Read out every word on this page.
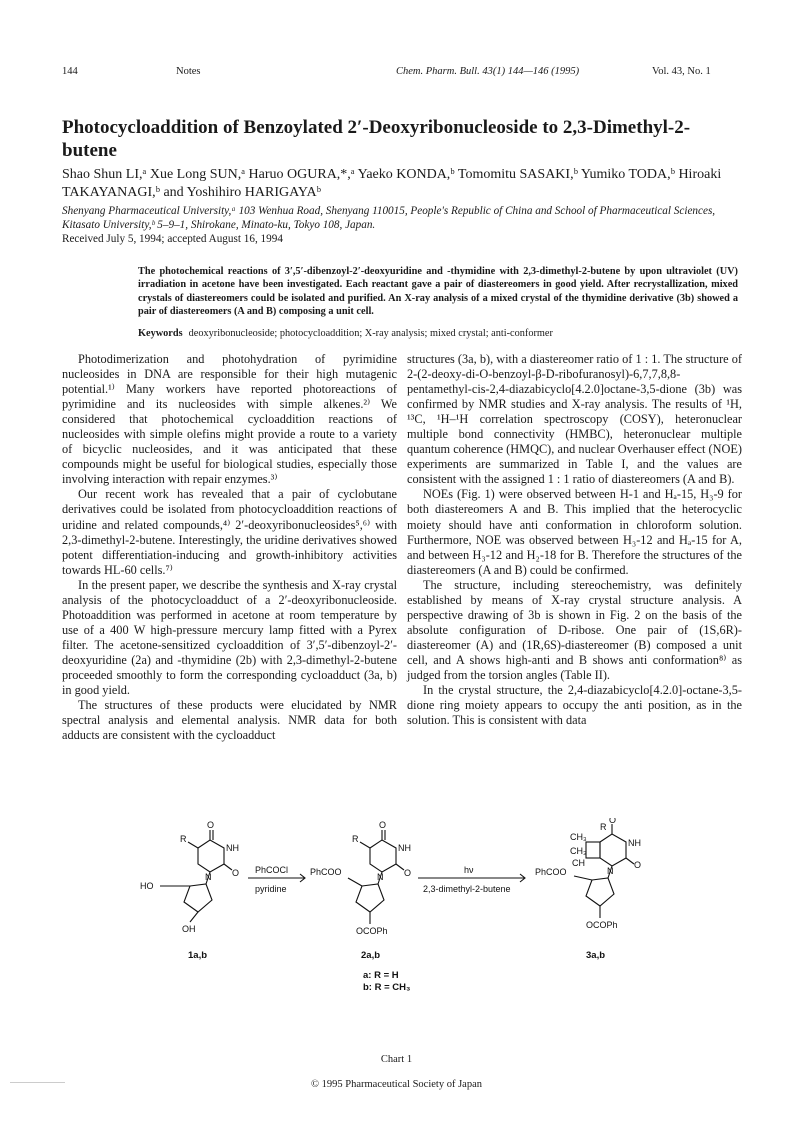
144	Notes	Chem. Pharm. Bull. 43(1) 144—146 (1995)	Vol. 43, No. 1
Photocycloaddition of Benzoylated 2′-Deoxyribonucleoside to 2,3-Dimethyl-2-butene
Shao Shun LI,ᵃ Xue Long SUN,ᵃ Haruo OGURA,*,ᵃ Yaeko KONDA,ᵇ Tomomitu SASAKI,ᵇ Yumiko TODA,ᵇ Hiroaki TAKAYANAGI,ᵇ and Yoshihiro HARIGAYAᵇ
Shenyang Pharmaceutical University,ᵃ 103 Wenhua Road, Shenyang 110015, People's Republic of China and School of Pharmaceutical Sciences, Kitasato University,ᵇ 5–9–1, Shirokane, Minato-ku, Tokyo 108, Japan.
Received July 5, 1994; accepted August 16, 1994
The photochemical reactions of 3′,5′-dibenzoyl-2′-deoxyuridine and -thymidine with 2,3-dimethyl-2-butene by upon ultraviolet (UV) irradiation in acetone have been investigated. Each reactant gave a pair of diastereomers in good yield. After recrystallization, mixed crystals of diastereomers could be isolated and purified. An X-ray analysis of a mixed crystal of the thymidine derivative (3b) showed a pair of diastereomers (A and B) composing a unit cell.
Keywords deoxyribonucleoside; photocycloaddition; X-ray analysis; mixed crystal; anti-conformer

Photodimerization and photohydration of pyrimidine nucleosides in DNA are responsible for their high mutagenic potential.¹⁾ Many workers have reported photoreactions of pyrimidine and its nucleosides with simple alkenes.²⁾ We considered that photochemical cycloaddition reactions of nucleosides with simple olefins might provide a route to a variety of bicyclic nucleosides, and it was anticipated that these compounds might be useful for biological studies, especially those involving interaction with repair enzymes.³⁾

Our recent work has revealed that a pair of cyclobutane derivatives could be isolated from photocycloaddition reactions of uridine and related compounds,⁴⁾ 2′-deoxyribonucleosides⁵,⁶⁾ with 2,3-dimethyl-2-butene. Interestingly, the uridine derivatives showed potent differentiation-inducing and growth-inhibitory activities towards HL-60 cells.⁷⁾

In the present paper, we describe the synthesis and X-ray crystal analysis of the photocycloadduct of a 2′-deoxyribonucleoside. Photoaddition was performed in acetone at room temperature by use of a 400 W high-pressure mercury lamp fitted with a Pyrex filter. The acetone-sensitized cycloaddition of 3′,5′-dibenzoyl-2′-deoxyuridine (2a) and -thymidine (2b) with 2,3-dimethyl-2-butene proceeded smoothly to form the corresponding cycloadduct (3a, b) in good yield.

The structures of these products were elucidated by NMR spectral analysis and elemental analysis. NMR data for both adducts are consistent with the cycloadduct

structures (3a, b), with a diastereomer ratio of 1 : 1. The structure of 2-(2-deoxy-di-O-benzoyl-β-D-ribofuranosyl)-6,7,7,8,8-pentamethyl-cis-2,4-diazabicyclo[4.2.0]octane-3,5-dione (3b) was confirmed by NMR studies and X-ray analysis. The results of ¹H, ¹³C, ¹H–¹H correlation spectroscopy (COSY), heteronuclear multiple bond connectivity (HMBC), heteronuclear multiple quantum coherence (HMQC), and nuclear Overhauser effect (NOE) experiments are summarized in Table I, and the values are consistent with the assigned 1 : 1 ratio of diastereomers (A and B).

NOEs (Fig. 1) were observed between H-1 and Hₐ-15, H₃-9 for both diastereomers A and B. This implied that the heterocyclic moiety should have anti conformation in chloroform solution. Furthermore, NOE was observed between H₃-12 and Hₐ-15 for A, and between H₃-12 and H₂-18 for B. Therefore the structures of the diastereomers (A and B) could be confirmed.

The structure, including stereochemistry, was definitely established by means of X-ray crystal structure analysis. A perspective drawing of 3b is shown in Fig. 2 on the basis of the absolute configuration of D-ribose. One pair of (1S,6R)-diastereomer (A) and (1R,6S)-diastereomer (B) composed a unit cell, and A shows high-anti and B shows anti conformation⁸⁾ as judged from the torsion angles (Table II).

In the crystal structure, the 2,4-diazabicyclo[4.2.0]-octane-3,5-dione ring moiety appears to occupy the anti position, as in the solution. This is consistent with data

O
R
NH
N O
HO
OH
PhCOCl
pyridine
O
R
NH
N O
PhCOO
OCOPh
hν
2,3-dimethyl-2-butene
O
R
CH₃
CH₃
CH
NH
N
O
PhCOO
OCOPh
1a,b	2a,b	3a,b
a: R = H
b: R = CH₃
Chart 1
© 1995 Pharmaceutical Society of Japan
